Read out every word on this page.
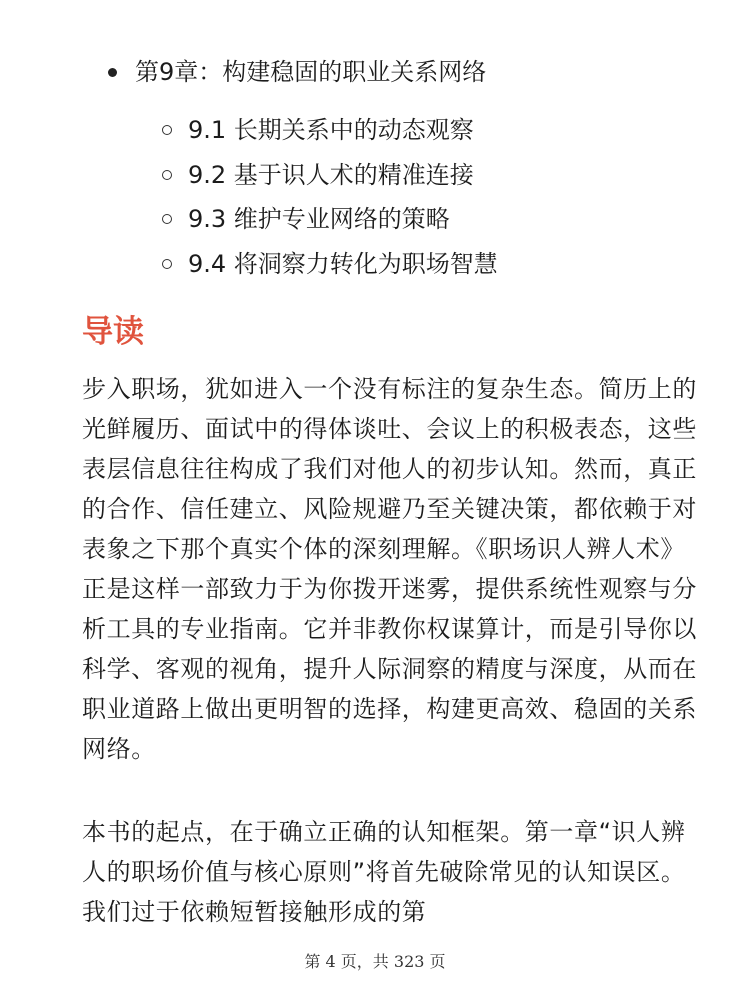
第9章：构建稳固的职业关系网络
9.1 长期关系中的动态观察
9.2 基于识人术的精准连接
9.3 维护专业网络的策略
9.4 将洞察力转化为职场智慧
导读

步入职场，犹如进入一个没有标注的复杂生态。简历上的光鲜履历、面试中的得体谈吐、会议上的积极表态，这些表层信息往往构成了我们对他人的初步认知。然而，真正的合作、信任建立、风险规避乃至关键决策，都依赖于对表象之下那个真实个体的深刻理解。《职场识人辨人术》正是这样一部致力于为你拨开迷雾，提供系统性观察与分析工具的专业指南。它并非教你权谋算计，而是引导你以科学、客观的视角，提升人际洞察的精度与深度，从而在职业道路上做出更明智的选择，构建更高效、稳固的关系网络。

本书的起点，在于确立正确的认知框架。第一章“识人辨人的职场价值与核心原则”将首先破除常见的认知误区。我们过于依赖短暂接触形成的第

第 4 页，共 323 页
